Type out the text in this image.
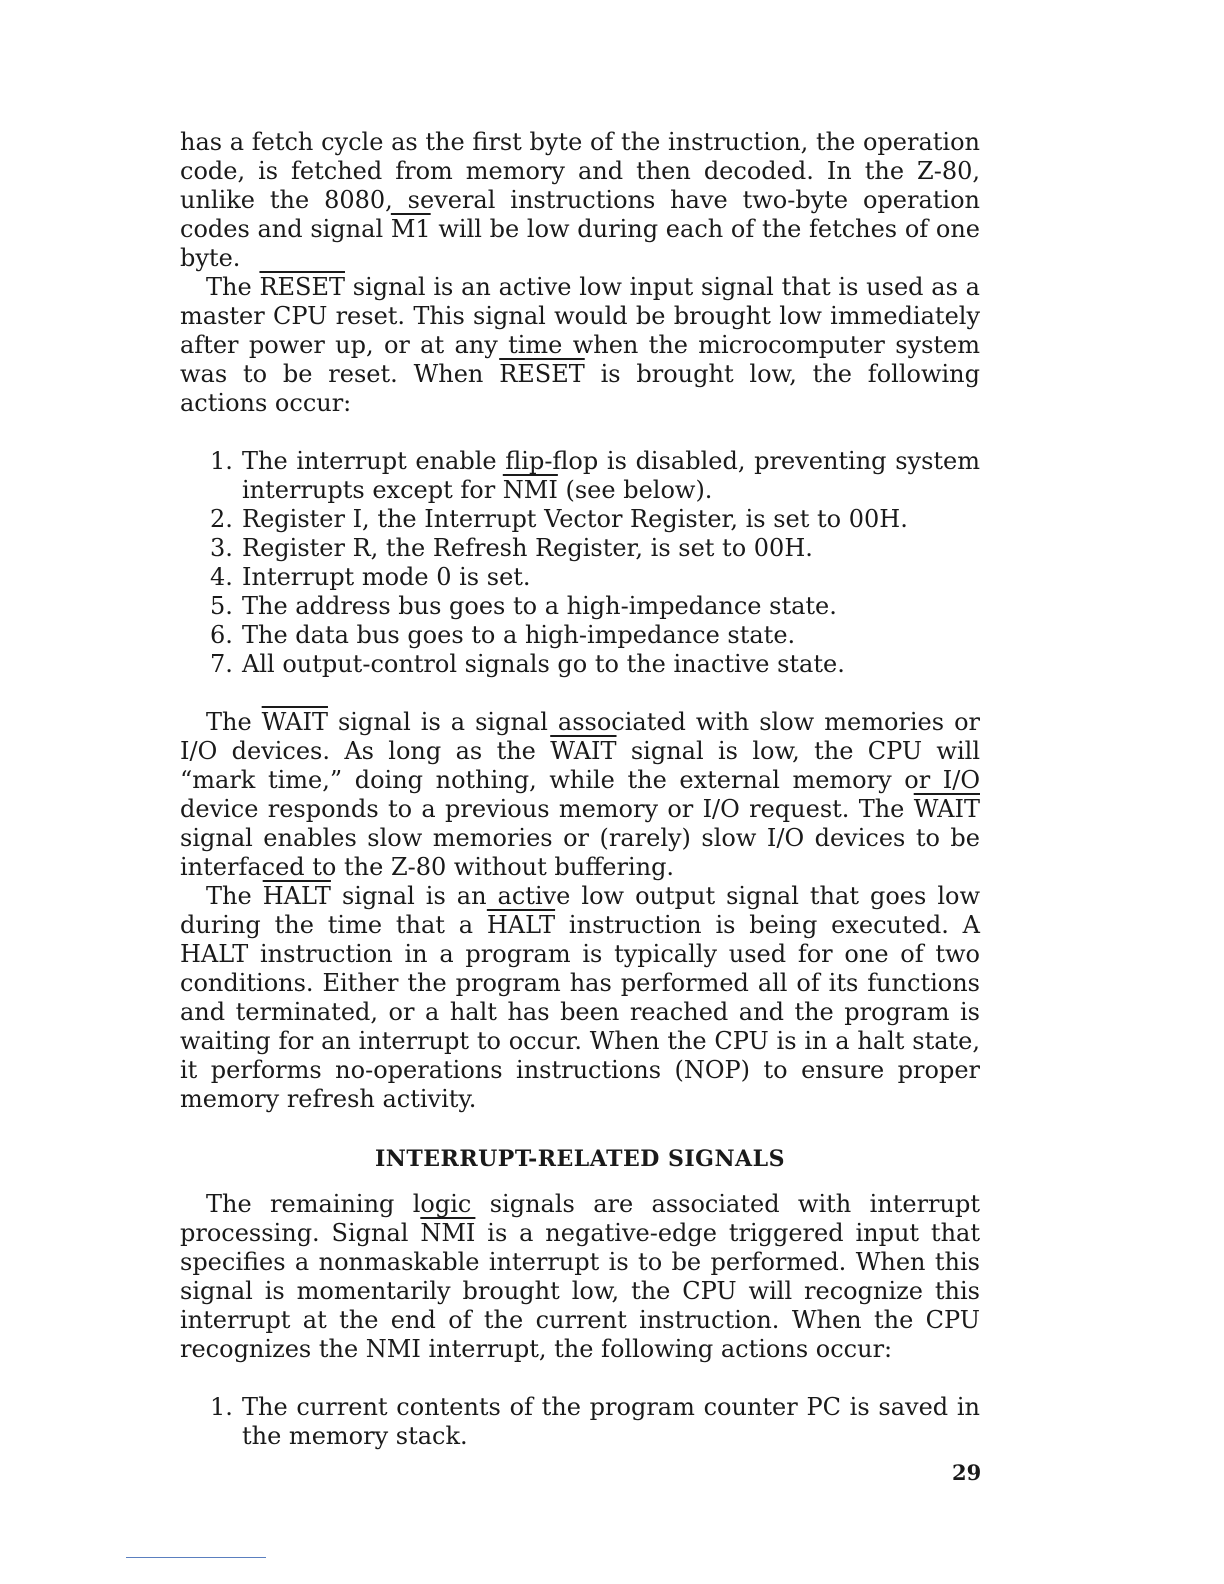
has a fetch cycle as the first byte of the instruction, the operation code, is fetched from memory and then decoded. In the Z-80, unlike the 8080, several instructions have two-byte operation codes and signal M1 will be low during each of the fetches of one byte.

The RESET signal is an active low input signal that is used as a master CPU reset. This signal would be brought low immediately after power up, or at any time when the microcomputer system was to be reset. When RESET is brought low, the following actions occur:

1. The interrupt enable flip-flop is disabled, preventing system interrupts except for $\overline{NMI}$ (see below).
2. Register I, the Interrupt Vector Register, is set to 00H.
3. Register R, the Refresh Register, is set to 00H.
4. Interrupt mode 0 is set.
5. The address bus goes to a high-impedance state.
6. The data bus goes to a high-impedance state.
7. All output-control signals go to the inactive state.

The WAIT signal is a signal associated with slow memories or I/O devices. As long as the WAIT signal is low, the CPU will “mark time,” doing nothing, while the external memory or I/O device responds to a previous memory or I/O request. The WAIT signal enables slow memories or (rarely) slow I/O devices to be interfaced to the Z-80 without buffering.

The HALT signal is an active low output signal that goes low during the time that a HALT instruction is being executed. A HALT instruction in a program is typically used for one of two conditions. Either the program has performed all of its functions and terminated, or a halt has been reached and the program is waiting for an interrupt to occur. When the CPU is in a halt state, it performs no-operations instructions (NOP) to ensure proper memory refresh activity.

INTERRUPT-RELATED SIGNALS

The remaining logic signals are associated with interrupt processing. Signal $\overline{NMI}$ is a negative-edge triggered input that specifies a nonmaskable interrupt is to be performed. When this signal is momentarily brought low, the CPU will recognize this interrupt at the end of the current instruction. When the CPU recognizes the NMI interrupt, the following actions occur:

1. The current contents of the program counter PC is saved in the memory stack.
29
